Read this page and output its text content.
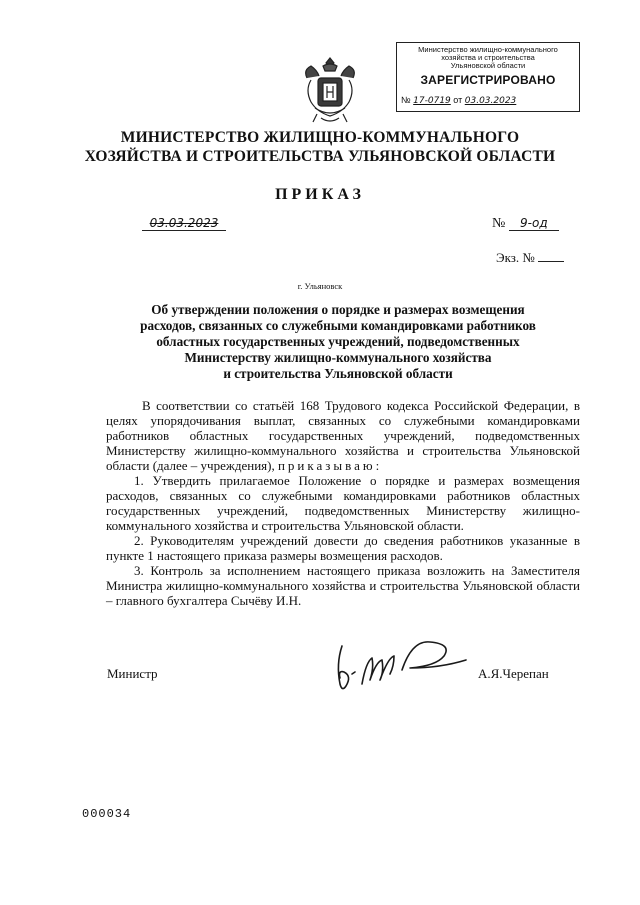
Министерство жилищно-коммунального
хозяйства и строительства
Ульяновской области
ЗАРЕГИСТРИРОВАНО
№ 17-0719 от 03.03.2023
МИНИСТЕРСТВО ЖИЛИЩНО-КОММУНАЛЬНОГО
ХОЗЯЙСТВА И СТРОИТЕЛЬСТВА УЛЬЯНОВСКОЙ ОБЛАСТИ
ПРИКАЗ
03.03.2023	№ 9-од
Экз. №
г. Ульяновск
Об утверждении положения о порядке и размерах возмещения
расходов, связанных со служебными командировками работников
областных государственных учреждений, подведомственных
Министерству жилищно-коммунального хозяйства
и строительства Ульяновской области

В соответствии со статьёй 168 Трудового кодекса Российской Федерации, в целях упорядочивания выплат, связанных со служебными командировками работников областных государственных учреждений, подведомственных Министерству жилищно-коммунального хозяйства и строительства Ульяновской области (далее – учреждения), приказываю:

1. Утвердить прилагаемое Положение о порядке и размерах возмещения расходов, связанных со служебными командировками работников областных государственных учреждений, подведомственных Министерству жилищно-коммунального хозяйства и строительства Ульяновской области.

2. Руководителям учреждений довести до сведения работников указанные в пункте 1 настоящего приказа размеры возмещения расходов.

3. Контроль за исполнением настоящего приказа возложить на Заместителя Министра жилищно-коммунального хозяйства и строительства Ульяновской области – главного бухгалтера Сычёву И.Н.

Министр	А.Я.Черепан
000034
